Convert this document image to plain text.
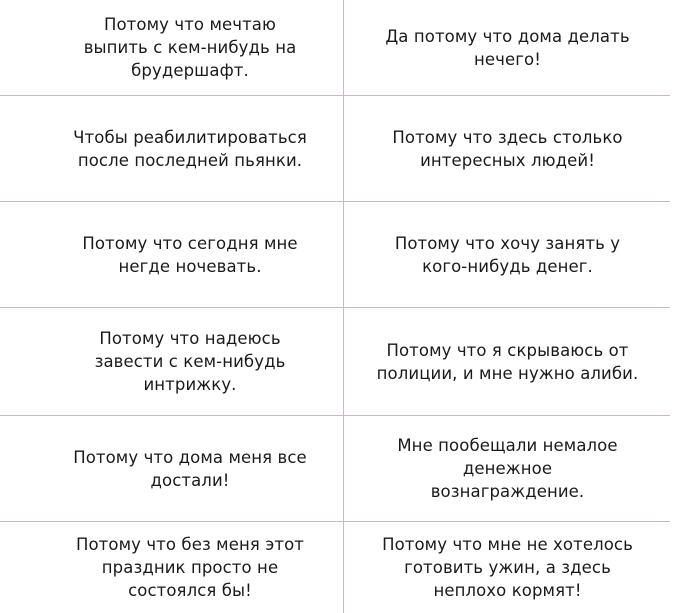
Потому что мечтаю выпить с кем-нибудь на брудершафт.
Да потому что дома делать нечего!
Чтобы реабилитироваться после последней пьянки.
Потому что здесь столько интересных людей!
Потому что сегодня мне негде ночевать.
Потому что хочу занять у кого-нибудь денег.
Потому что надеюсь завести с кем-нибудь интрижку.
Потому что я скрываюсь от полиции, и мне нужно алиби.
Потому что дома меня все достали!
Мне пообещали немалое денежное вознаграждение.
Потому что без меня этот праздник просто не состоялся бы!
Потому что мне не хотелось готовить ужин, а здесь неплохо кормят!
